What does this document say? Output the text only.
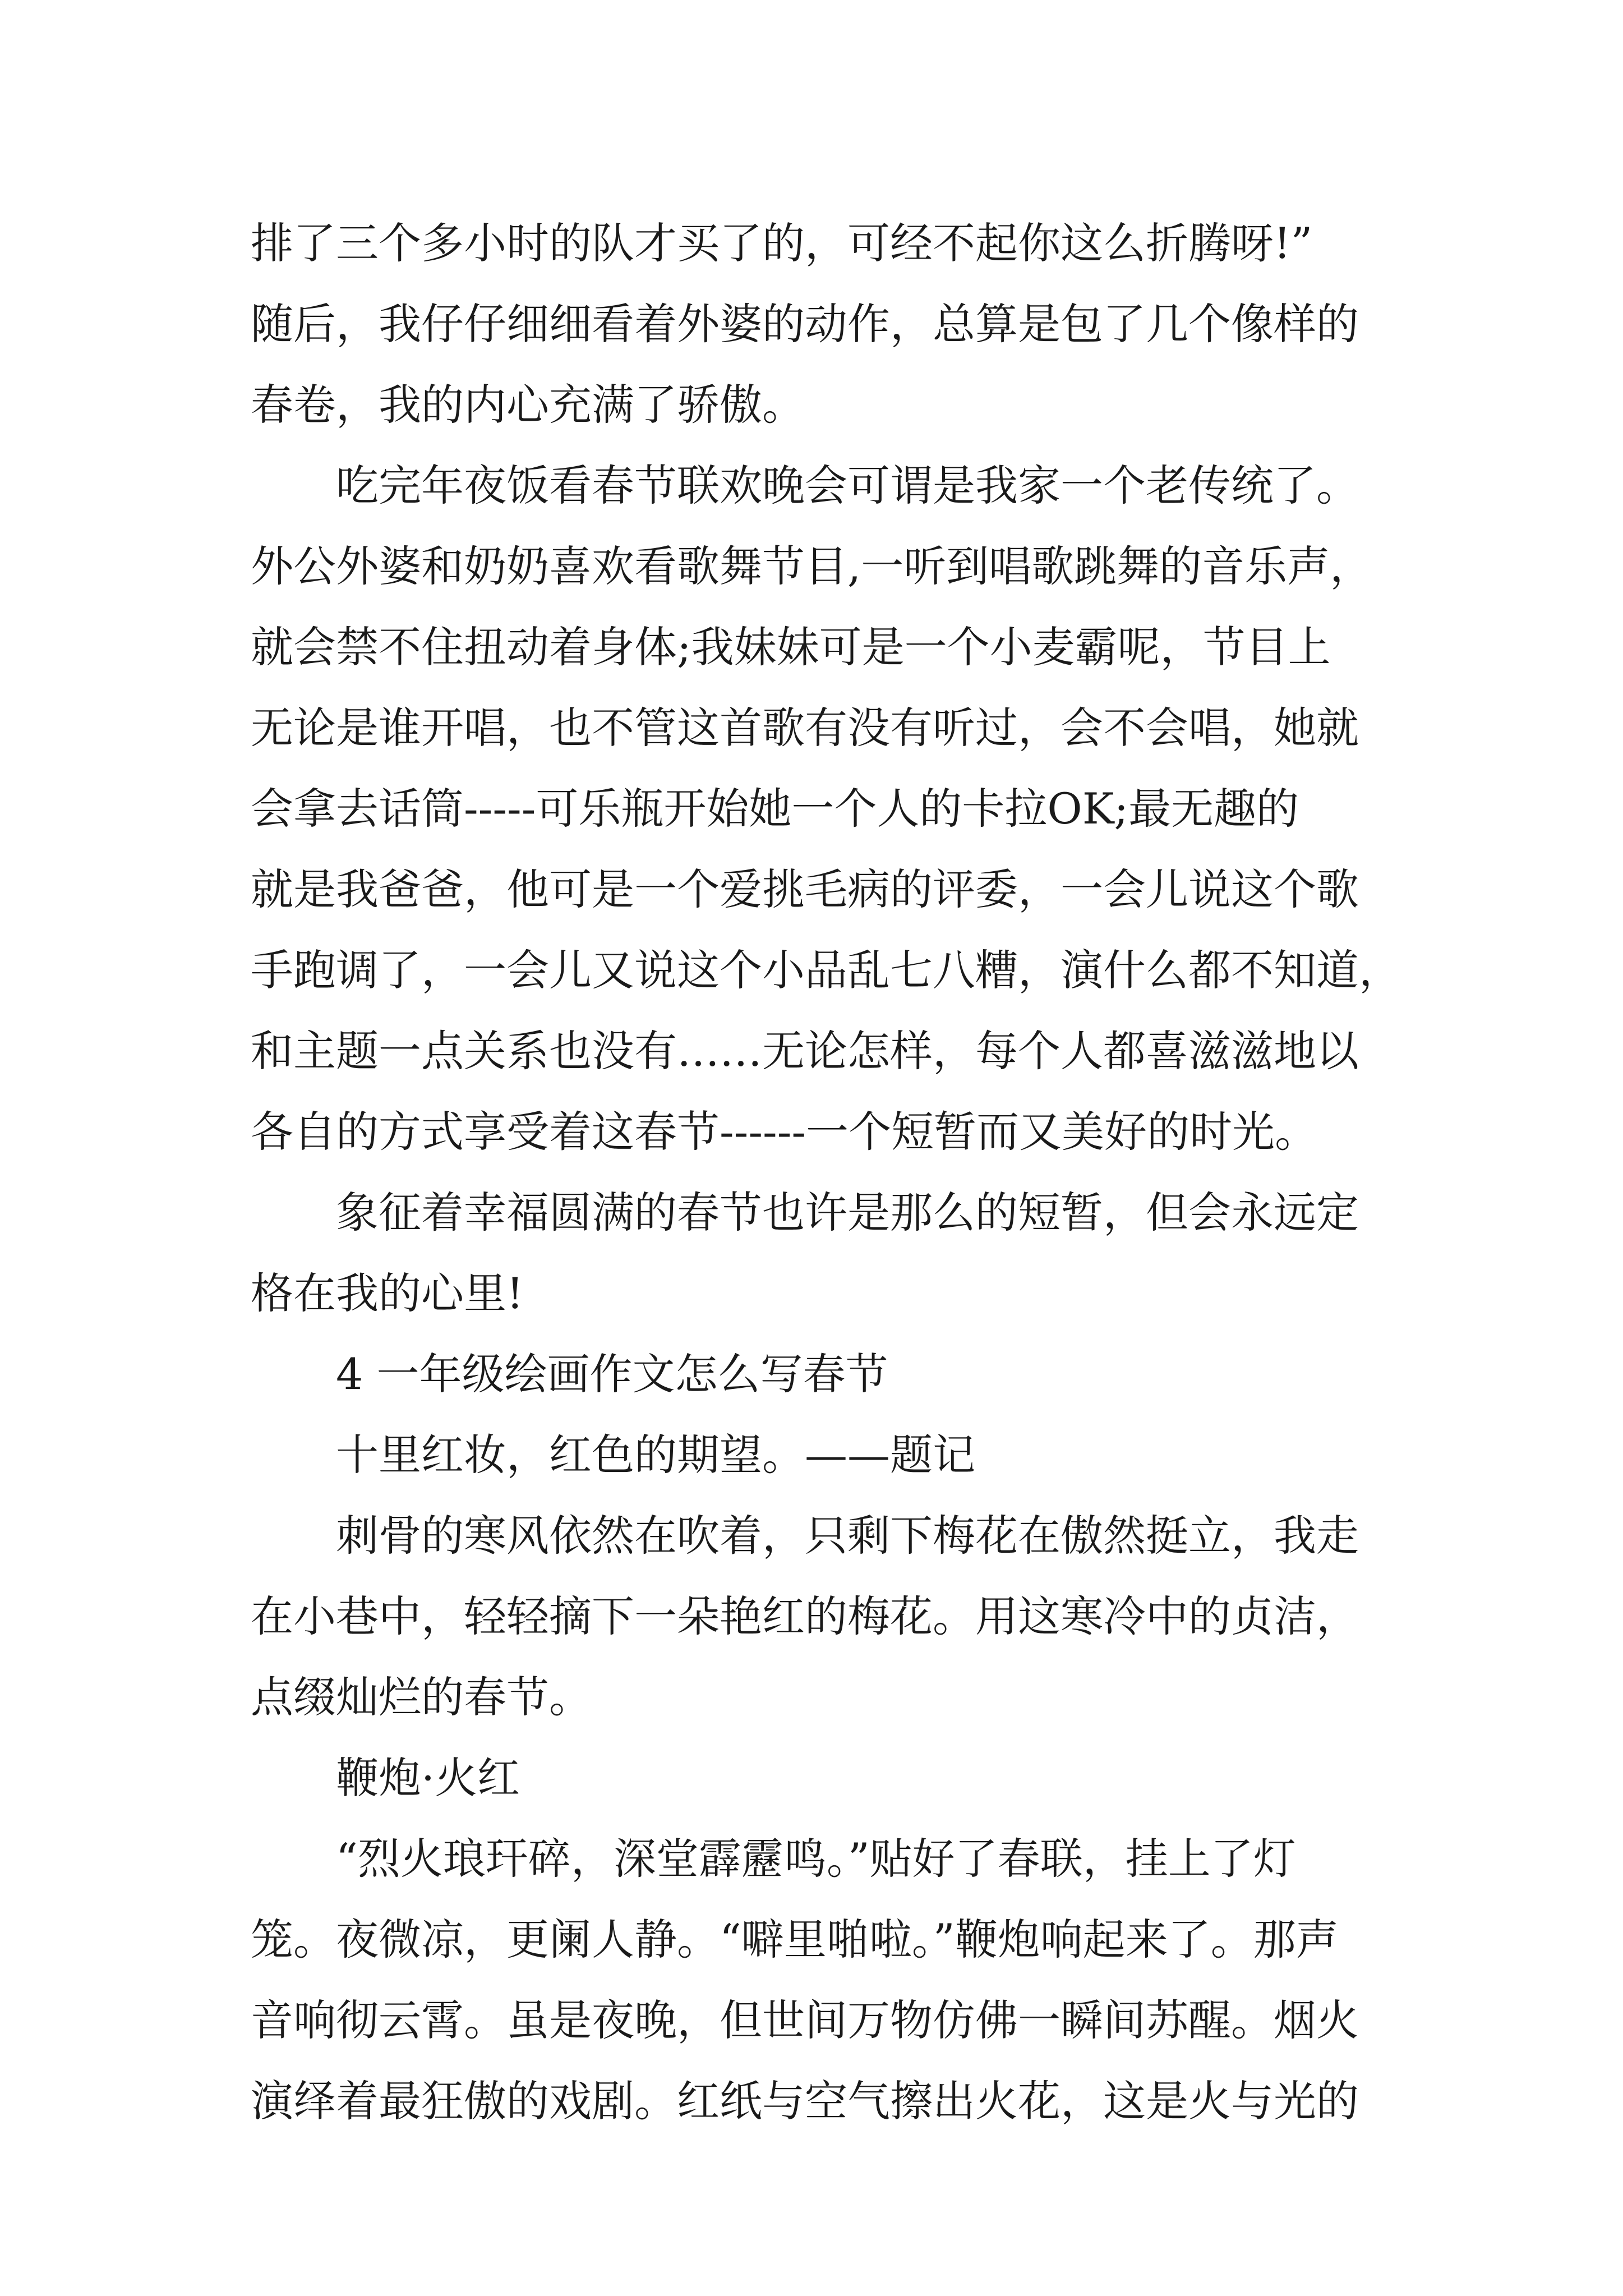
排了三个多小时的队才买了的，可经不起你这么折腾呀!”
随后，我仔仔细细看着外婆的动作，总算是包了几个像样的
春卷，我的内心充满了骄傲。
吃完年夜饭看春节联欢晚会可谓是我家一个老传统了。
外公外婆和奶奶喜欢看歌舞节目,一听到唱歌跳舞的音乐声，
就会禁不住扭动着身体;我妹妹可是一个小麦霸呢，节目上
无论是谁开唱，也不管这首歌有没有听过，会不会唱，她就
会拿去话筒-----可乐瓶开始她一个人的卡拉OK;最无趣的
就是我爸爸，他可是一个爱挑毛病的评委，一会儿说这个歌
手跑调了，一会儿又说这个小品乱七八糟，演什么都不知道，
和主题一点关系也没有……无论怎样，每个人都喜滋滋地以
各自的方式享受着这春节------一个短暂而又美好的时光。
象征着幸福圆满的春节也许是那么的短暂，但会永远定
格在我的心里!
4 一年级绘画作文怎么写春节
十里红妆，红色的期望。——题记
刺骨的寒风依然在吹着，只剩下梅花在傲然挺立，我走
在小巷中，轻轻摘下一朵艳红的梅花。用这寒冷中的贞洁，
点缀灿烂的春节。
鞭炮·火红
“烈火琅玕碎，深堂霹靂鸣。”贴好了春联，挂上了灯
笼。夜微凉，更阑人静。“噼里啪啦。”鞭炮响起来了。那声
音响彻云霄。虽是夜晚，但世间万物仿佛一瞬间苏醒。烟火
演绎着最狂傲的戏剧。红纸与空气擦出火花，这是火与光的
